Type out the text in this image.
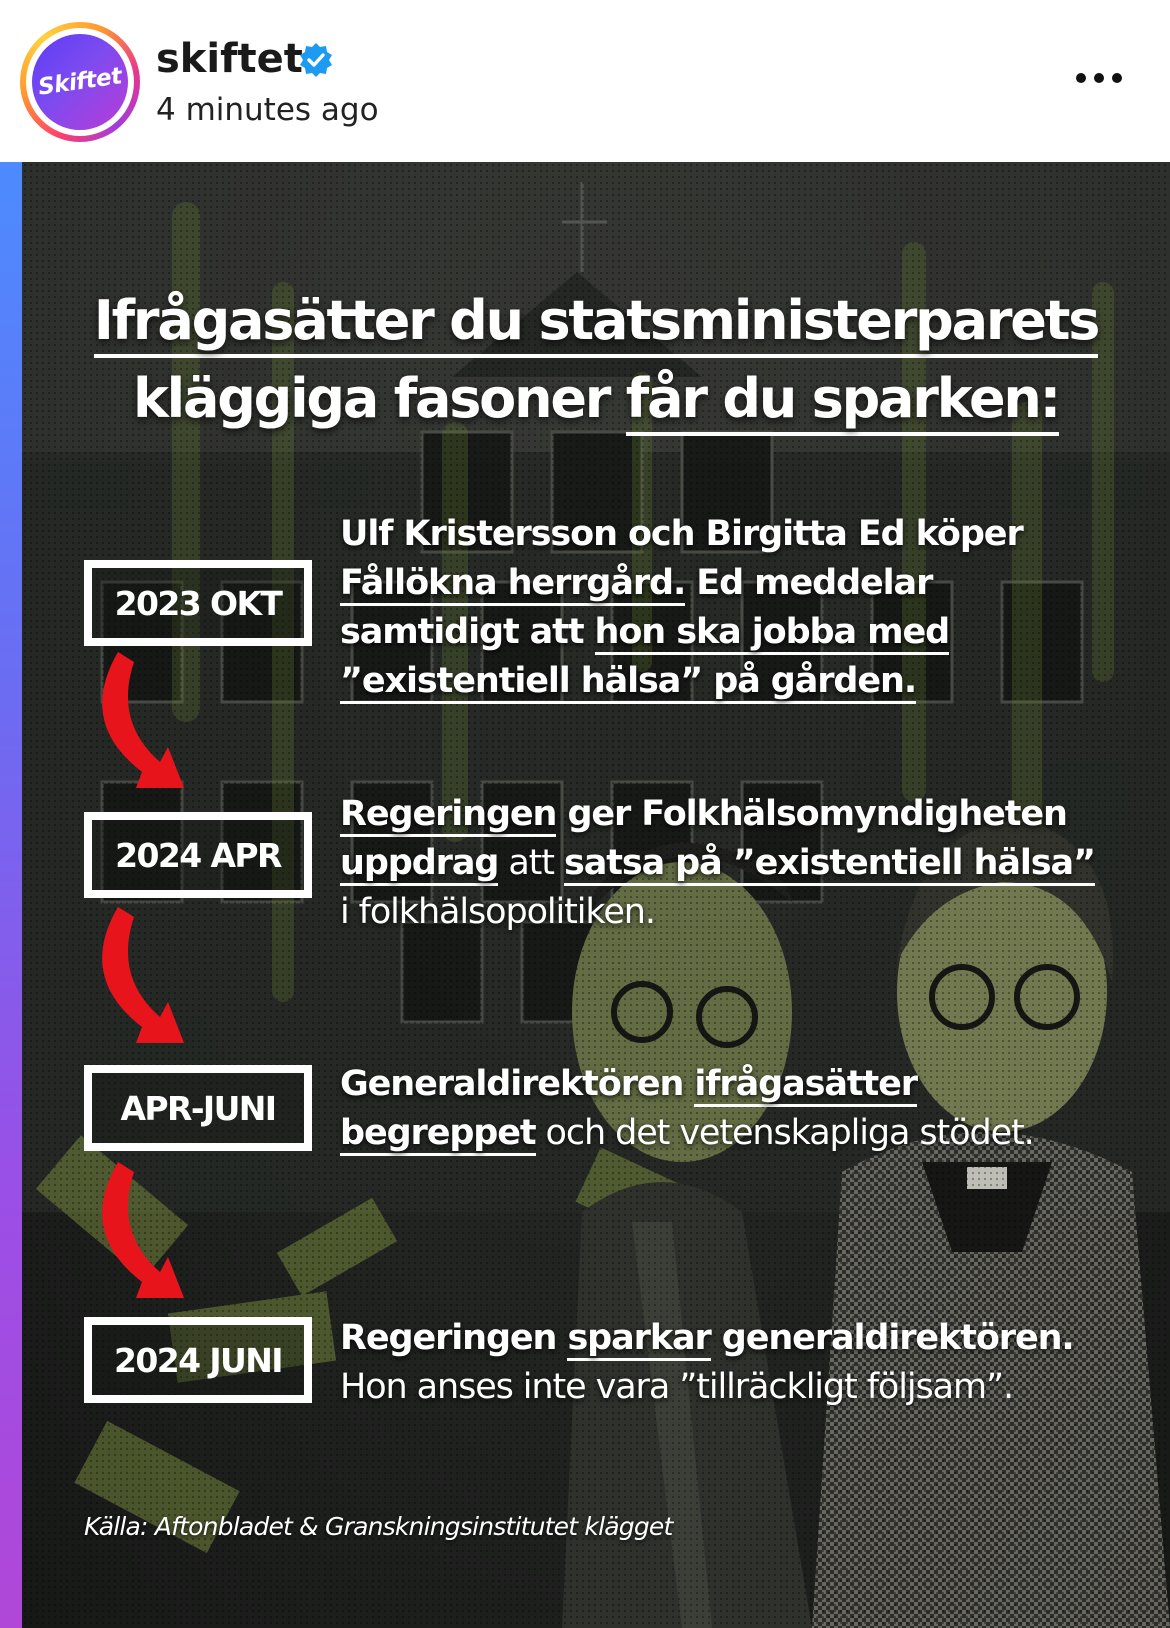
Skiftet
skiftet
4 minutes ago
Ifrågasätter du statsministerparets
kläggiga fasoner får du sparken:
2023 OKT
2024 APR
APR-JUNI
2024 JUNI
Ulf Kristersson och Birgitta Ed köper Fållökna herrgård. Ed meddelar samtidigt att hon ska jobba med ”existentiell hälsa” på gården.
Regeringen ger Folkhälsomyndigheten uppdrag att satsa på ”existentiell hälsa” i folkhälsopolitiken.
Generaldirektören ifrågasätter begreppet och det vetenskapliga stödet.
Regeringen sparkar generaldirektören. Hon anses inte vara ”tillräckligt följsam”.
Källa: Aftonbladet & Granskningsinstitutet klägget
